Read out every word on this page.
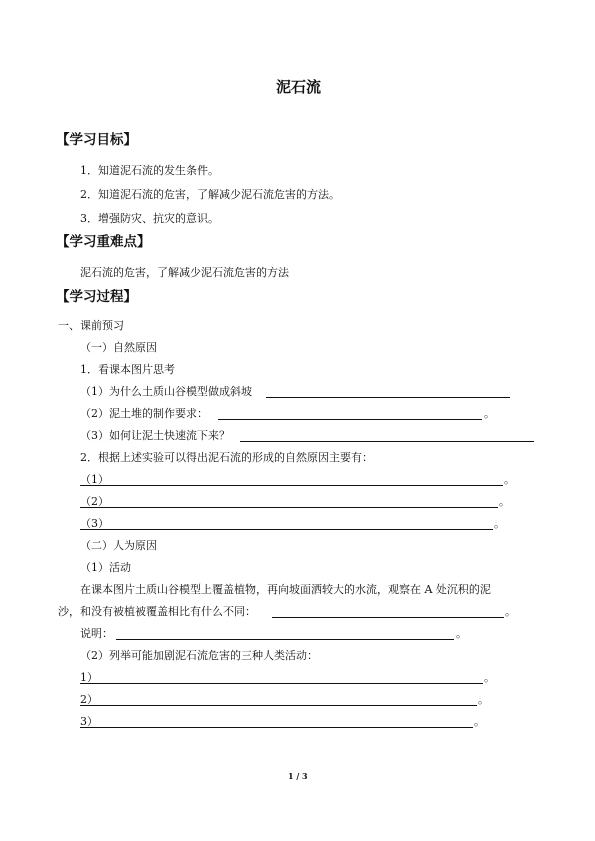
泥石流
【学习目标】
1．知道泥石流的发生条件。
2．知道泥石流的危害，了解减少泥石流危害的方法。
3．增强防灾、抗灾的意识。
【学习重难点】
泥石流的危害，了解减少泥石流危害的方法
【学习过程】
一、课前预习
（一）自然原因
1．看课本图片思考
（1）为什么土质山谷模型做成斜坡
（2）泥土堆的制作要求：	。
（3）如何让泥土快速流下来？
2．根据上述实验可以得出泥石流的形成的自然原因主要有：
（1）	。
（2）	。
（3）	。
（二）人为原因
（1）活动
在课本图片土质山谷模型上覆盖植物，再向坡面洒较大的水流，观察在 A 处沉积的泥
沙，和没有被植被覆盖相比有什么不同：	。
说明：	。
（2）列举可能加剧泥石流危害的三种人类活动：
1）	。
2）	。
3）	。
1 / 3
